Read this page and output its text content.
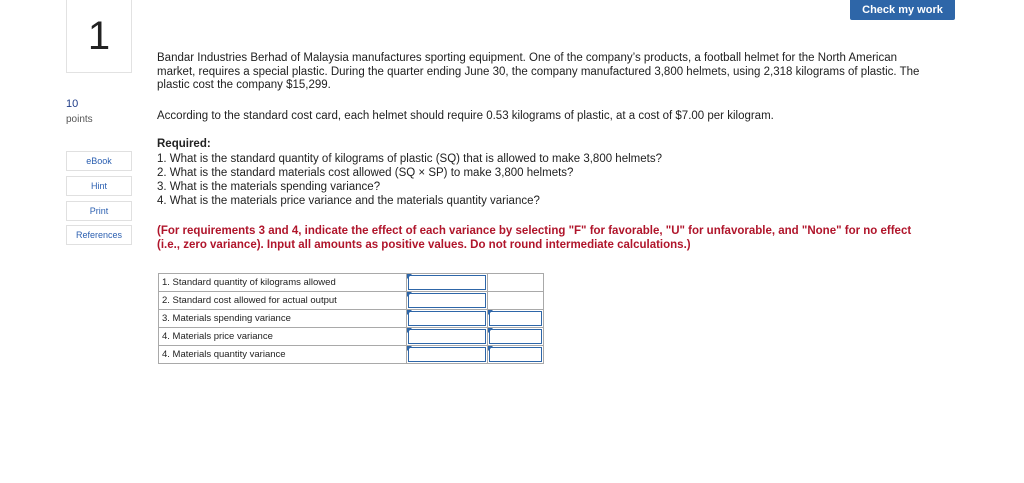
1
10
points
eBook
Hint
Print
References
Check my work

Bandar Industries Berhad of Malaysia manufactures sporting equipment. One of the company’s products, a football helmet for the North American market, requires a special plastic. During the quarter ending June 30, the company manufactured 3,800 helmets, using 2,318 kilograms of plastic. The plastic cost the company $15,299.

According to the standard cost card, each helmet should require 0.53 kilograms of plastic, at a cost of $7.00 per kilogram.
Required:
1. What is the standard quantity of kilograms of plastic (SQ) that is allowed to make 3,800 helmets?
2. What is the standard materials cost allowed (SQ × SP) to make 3,800 helmets?
3. What is the materials spending variance?
4. What is the materials price variance and the materials quantity variance?
(For requirements 3 and 4, indicate the effect of each variance by selecting "F" for favorable, "U" for unfavorable, and "None" for no effect (i.e., zero variance). Input all amounts as positive values. Do not round intermediate calculations.)
1. Standard quantity of kilograms allowed	

2. Standard cost allowed for actual output	

3. Materials spending variance	

4. Materials price variance	

4. Materials quantity variance	
